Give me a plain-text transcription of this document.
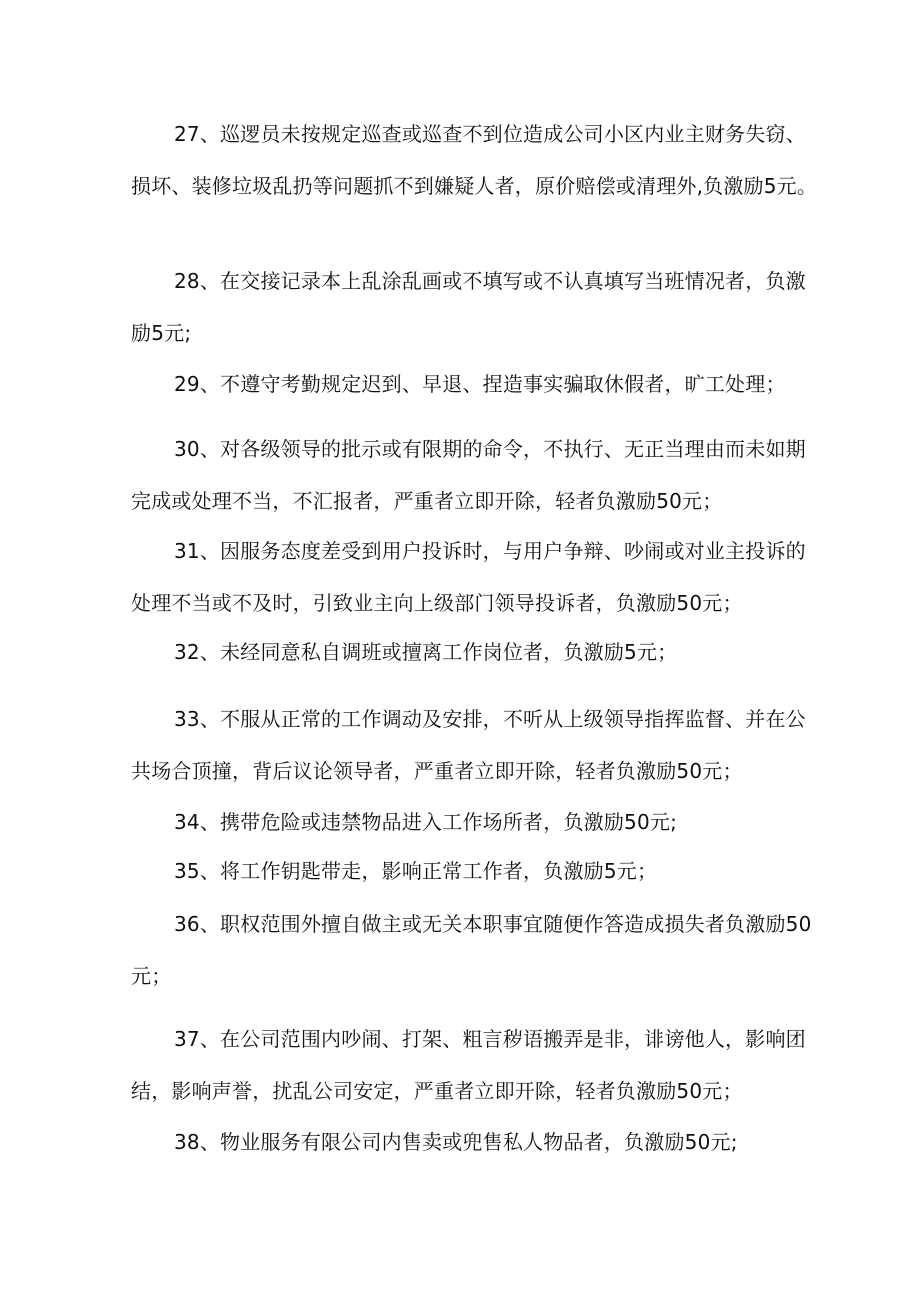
27、巡逻员未按规定巡查或巡查不到位造成公司小区内业主财务失窃、损坏、装修垃圾乱扔等问题抓不到嫌疑人者，原价赔偿或清理外,负激励5元。

28、在交接记录本上乱涂乱画或不填写或不认真填写当班情况者，负激励5元;

29、不遵守考勤规定迟到、早退、捏造事实骗取休假者，旷工处理；

30、对各级领导的批示或有限期的命令，不执行、无正当理由而未如期完成或处理不当，不汇报者，严重者立即开除，轻者负激励50元；

31、因服务态度差受到用户投诉时，与用户争辩、吵闹或对业主投诉的处理不当或不及时，引致业主向上级部门领导投诉者，负激励50元；

32、未经同意私自调班或擅离工作岗位者，负激励5元；

33、不服从正常的工作调动及安排，不听从上级领导指挥监督、并在公共场合顶撞，背后议论领导者，严重者立即开除，轻者负激励50元；

34、携带危险或违禁物品进入工作场所者，负激励50元;

35、将工作钥匙带走，影响正常工作者，负激励5元；

36、职权范围外擅自做主或无关本职事宜随便作答造成损失者负激励50元；

37、在公司范围内吵闹、打架、粗言秽语搬弄是非，诽谤他人，影响团结，影响声誉，扰乱公司安定，严重者立即开除，轻者负激励50元；

38、物业服务有限公司内售卖或兜售私人物品者，负激励50元;
